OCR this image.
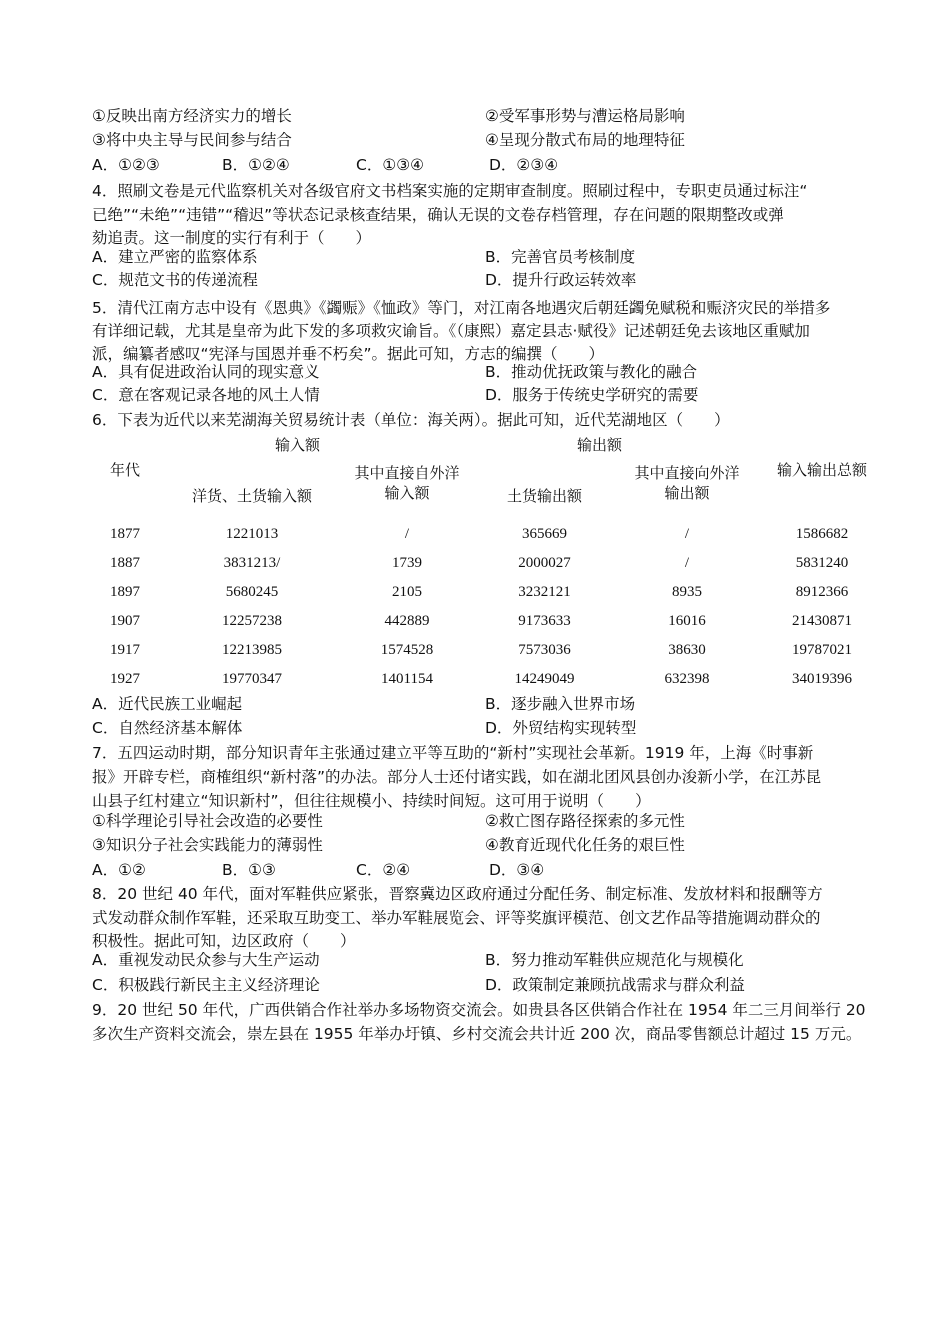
①反映出南方经济实力的增长	②受军事形势与漕运格局影响
③将中央主导与民间参与结合	④呈现分散式布局的地理特征
A．①②③	B．①②④	C．①③④	D．②③④
4．照刷文卷是元代监察机关对各级官府文书档案实施的定期审查制度。照刷过程中，专职吏员通过标注“
已绝”“未绝”“违错”“稽迟”等状态记录核查结果，确认无误的文卷存档管理，存在问题的限期整改或弹
劾追责。这一制度的实行有利于（　　）
A．建立严密的监察体系	B．完善官员考核制度
C．规范文书的传递流程	D．提升行政运转效率
5．清代江南方志中设有《恩典》《蠲赈》《恤政》等门，对江南各地遇灾后朝廷蠲免赋税和赈济灾民的举措多
有详细记载，尤其是皇帝为此下发的多项救灾谕旨。《（康熙）嘉定县志·赋役》记述朝廷免去该地区重赋加
派，编纂者感叹“宪泽与国恩并垂不朽矣”。据此可知，方志的编撰（　　）
A．具有促进政治认同的现实意义	B．推动优抚政策与教化的融合
C．意在客观记录各地的风土人情	D．服务于传统史学研究的需要
6．下表为近代以来芜湖海关贸易统计表（单位：海关两）。据此可知，近代芜湖地区（　　）
	输入额		输出额		
年代	洋货、土货输入额	其中直接自外洋输入额	土货输出额	其中直接向外洋输出额	输入输出总额

1877	1221013	/	365669	/	1586682
1887	3831213/	1739	2000027	/	5831240
1897	5680245	2105	3232121	8935	8912366
1907	12257238	442889	9173633	16016	21430871
1917	12213985	1574528	7573036	38630	19787021
1927	19770347	1401154	14249049	632398	34019396
A．近代民族工业崛起	B．逐步融入世界市场
C．自然经济基本解体	D．外贸结构实现转型
7．五四运动时期，部分知识青年主张通过建立平等互助的“新村”实现社会革新。1919 年，上海《时事新
报》开辟专栏，商榷组织“新村落”的办法。部分人士还付诸实践，如在湖北团风县创办浚新小学，在江苏昆
山县子红村建立“知识新村”，但往往规模小、持续时间短。这可用于说明（　　）
①科学理论引导社会改造的必要性	②救亡图存路径探索的多元性
③知识分子社会实践能力的薄弱性	④教育近现代化任务的艰巨性
A．①②	B．①③	C．②④	D．③④
8．20 世纪 40 年代，面对军鞋供应紧张，晋察冀边区政府通过分配任务、制定标准、发放材料和报酬等方
式发动群众制作军鞋，还采取互助变工、举办军鞋展览会、评等奖旗评模范、创文艺作品等措施调动群众的
积极性。据此可知，边区政府（　　）
A．重视发动民众参与大生产运动	B．努力推动军鞋供应规范化与规模化
C．积极践行新民主主义经济理论	D．政策制定兼顾抗战需求与群众利益
9．20 世纪 50 年代，广西供销合作社举办多场物资交流会。如贵县各区供销合作社在 1954 年二三月间举行 20
多次生产资料交流会，崇左县在 1955 年举办圩镇、乡村交流会共计近 200 次，商品零售额总计超过 15 万元。
